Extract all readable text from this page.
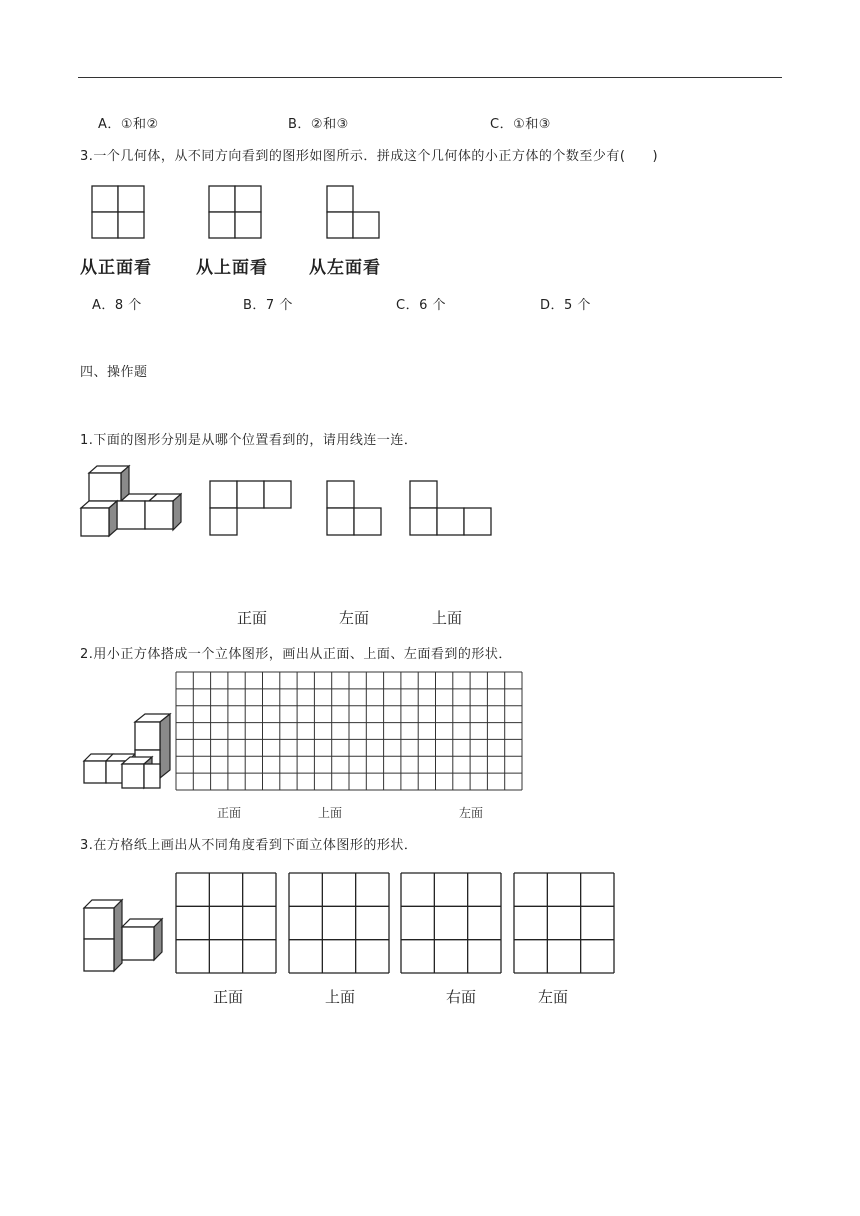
A．①和②	B．②和③	C．①和③
3.一个几何体，从不同方向看到的图形如图所示．拼成这个几何体的小正方体的个数至少有(　　)
从正面看	从上面看 从左面看
A．8 个	B．7 个	C．6 个	D．5 个
四、操作题
1.下面的图形分别是从哪个位置看到的，请用线连一连．
正面	左面	上面
2.用小正方体搭成一个立体图形，画出从正面、上面、左面看到的形状．
正面	上面	左面
3.在方格纸上画出从不同角度看到下面立体图形的形状．
正面	上面	右面	左面
